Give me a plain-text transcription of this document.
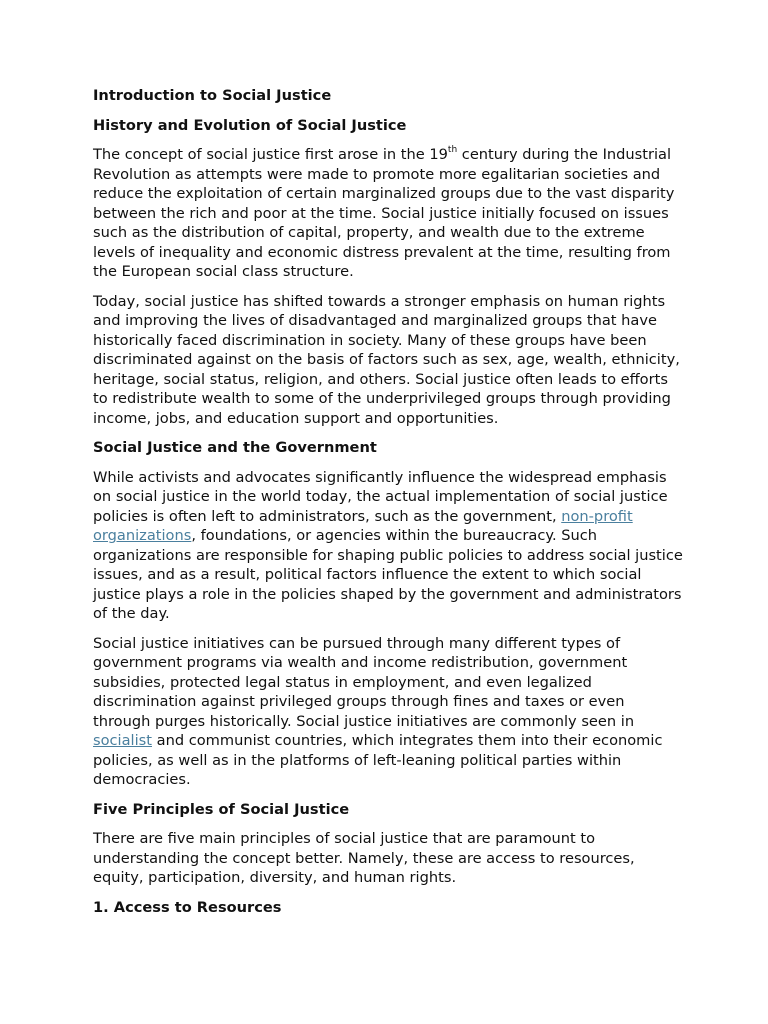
Introduction to Social Justice
History and Evolution of Social Justice

The concept of social justice first arose in the 19th century during the Industrial Revolution as attempts were made to promote more egalitarian societies and reduce the exploitation of certain marginalized groups due to the vast disparity between the rich and poor at the time. Social justice initially focused on issues such as the distribution of capital, property, and wealth due to the extreme levels of inequality and economic distress prevalent at the time, resulting from the European social class structure.

Today, social justice has shifted towards a stronger emphasis on human rights and improving the lives of disadvantaged and marginalized groups that have historically faced discrimination in society. Many of these groups have been discriminated against on the basis of factors such as sex, age, wealth, ethnicity, heritage, social status, religion, and others. Social justice often leads to efforts to redistribute wealth to some of the underprivileged groups through providing income, jobs, and education support and opportunities.

Social Justice and the Government

While activists and advocates significantly influence the widespread emphasis on social justice in the world today, the actual implementation of social justice policies is often left to administrators, such as the government, non-profit organizations, foundations, or agencies within the bureaucracy. Such organizations are responsible for shaping public policies to address social justice issues, and as a result, political factors influence the extent to which social justice plays a role in the policies shaped by the government and administrators of the day.

Social justice initiatives can be pursued through many different types of government programs via wealth and income redistribution, government subsidies, protected legal status in employment, and even legalized discrimination against privileged groups through fines and taxes or even through purges historically. Social justice initiatives are commonly seen in socialist and communist countries, which integrates them into their economic policies, as well as in the platforms of left-leaning political parties within democracies.

Five Principles of Social Justice

There are five main principles of social justice that are paramount to understanding the concept better. Namely, these are access to resources, equity, participation, diversity, and human rights.

1. Access to Resources
